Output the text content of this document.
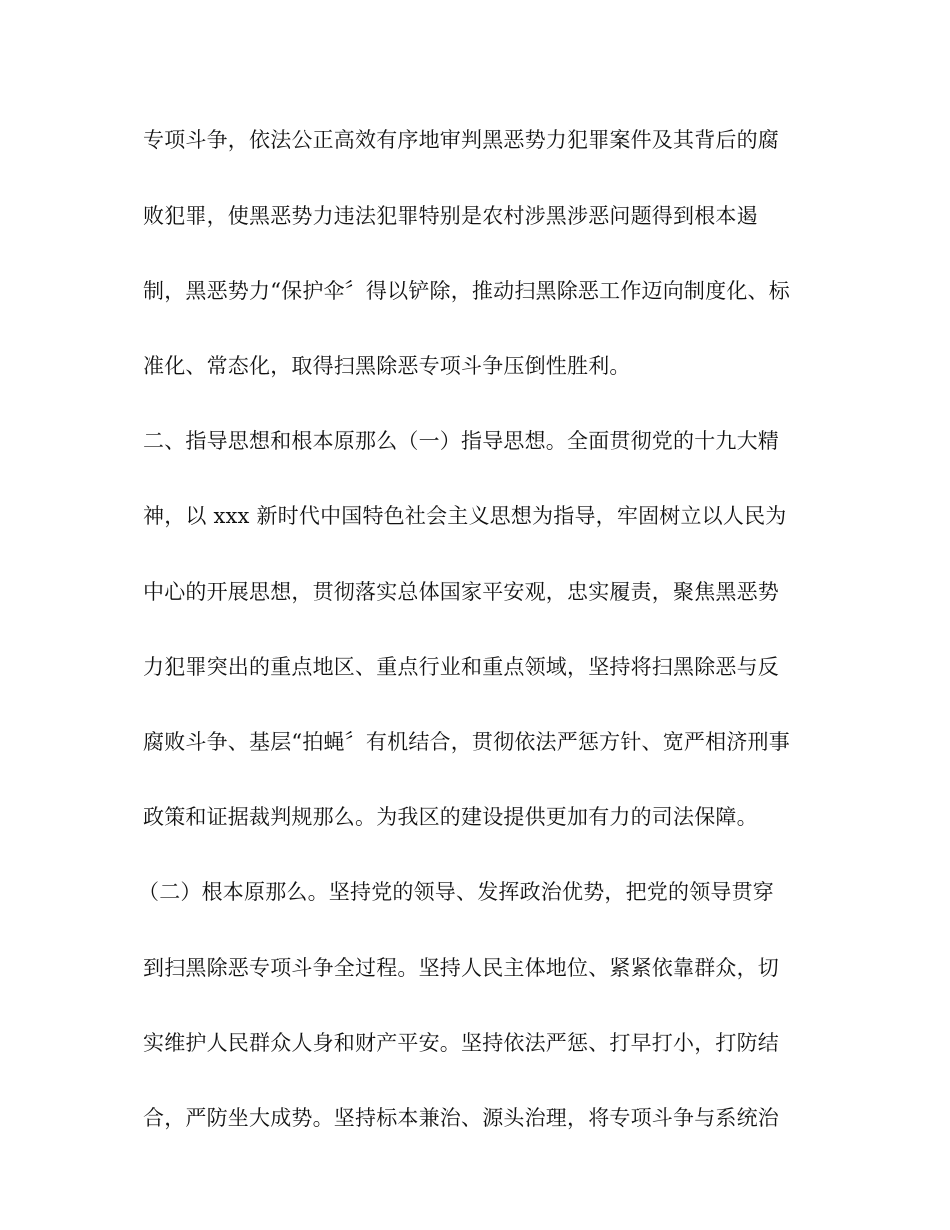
专项斗争，依法公正高效有序地审判黑恶势力犯罪案件及其背后的腐
败犯罪，使黑恶势力违法犯罪特别是农村涉黑涉恶问题得到根本遏
制，黑恶势力“保护伞〞得以铲除，推动扫黑除恶工作迈向制度化、标
准化、常态化，取得扫黑除恶专项斗争压倒性胜利。
二、指导思想和根本原那么（一）指导思想。全面贯彻党的十九大精
神，以 xxx 新时代中国特色社会主义思想为指导，牢固树立以人民为
中心的开展思想，贯彻落实总体国家平安观，忠实履责，聚焦黑恶势
力犯罪突出的重点地区、重点行业和重点领域，坚持将扫黑除恶与反
腐败斗争、基层“拍蝇〞有机结合，贯彻依法严惩方针、宽严相济刑事
政策和证据裁判规那么。为我区的建设提供更加有力的司法保障。
（二）根本原那么。坚持党的领导、发挥政治优势，把党的领导贯穿
到扫黑除恶专项斗争全过程。坚持人民主体地位、紧紧依靠群众，切
实维护人民群众人身和财产平安。坚持依法严惩、打早打小，打防结
合，严防坐大成势。坚持标本兼治、源头治理，将专项斗争与系统治
